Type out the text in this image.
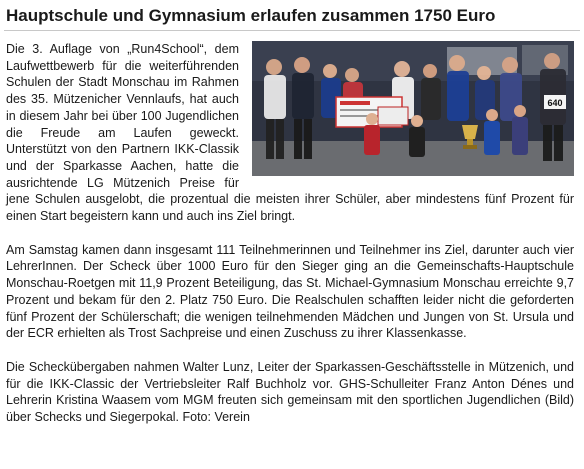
Hauptschule und Gymnasium erlaufen zusammen 1750 Euro
640

Die 3. Auflage von „Run4School“, dem Laufwettbewerb für die weiterführenden Schulen der Stadt Monschau im Rahmen des 35. Mützenicher Vennlaufs, hat auch in diesem Jahr bei über 100 Jugendlichen die Freude am Laufen geweckt. Unterstützt von den Partnern IKK-Classik und der Sparkasse Aachen, hatte die ausrichtende LG Mützenich Preise für jene Schulen ausgelobt, die prozentual die meisten ihrer Schüler, aber mindestens fünf Prozent für einen Start begeistern kann und auch ins Ziel bringt.

Am Samstag kamen dann insgesamt 111 Teilnehmerinnen und Teilnehmer ins Ziel, darunter auch vier LehrerInnen. Der Scheck über 1000 Euro für den Sieger ging an die Gemeinschafts-Hauptschule Monschau-Roetgen mit 11,9 Prozent Beteiligung, das St. Michael-Gymnasium Monschau erreichte 9,7 Prozent und bekam für den 2. Platz 750 Euro. Die Realschulen schafften leider nicht die geforderten fünf Prozent der Schülerschaft; die wenigen teilnehmenden Mädchen und Jungen von St. Ursula und der ECR erhielten als Trost Sachpreise und einen Zuschuss zu ihrer Klassenkasse.

Die Scheckübergaben nahmen Walter Lunz, Leiter der Sparkassen-Geschäftsstelle in Mützenich, und für die IKK-Classic der Vertriebsleiter Ralf Buchholz vor. GHS-Schulleiter Franz Anton Dénes und Lehrerin Kristina Waasem vom MGM freuten sich gemeinsam mit den sportlichen Jugendlichen (Bild) über Schecks und Siegerpokal. Foto: Verein
